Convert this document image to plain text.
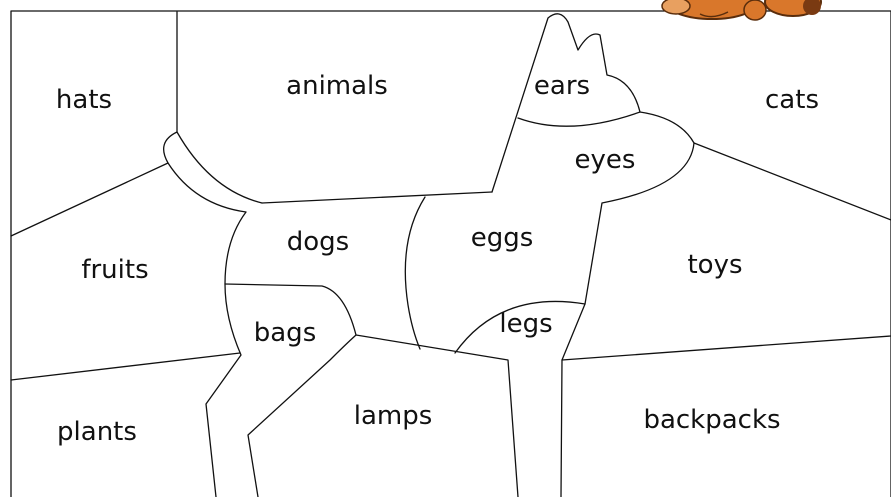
hats	animals	ears	cats
eyes
fruits
dogs	eggs
toys
bags	legs
plants
lamps	backpacks
